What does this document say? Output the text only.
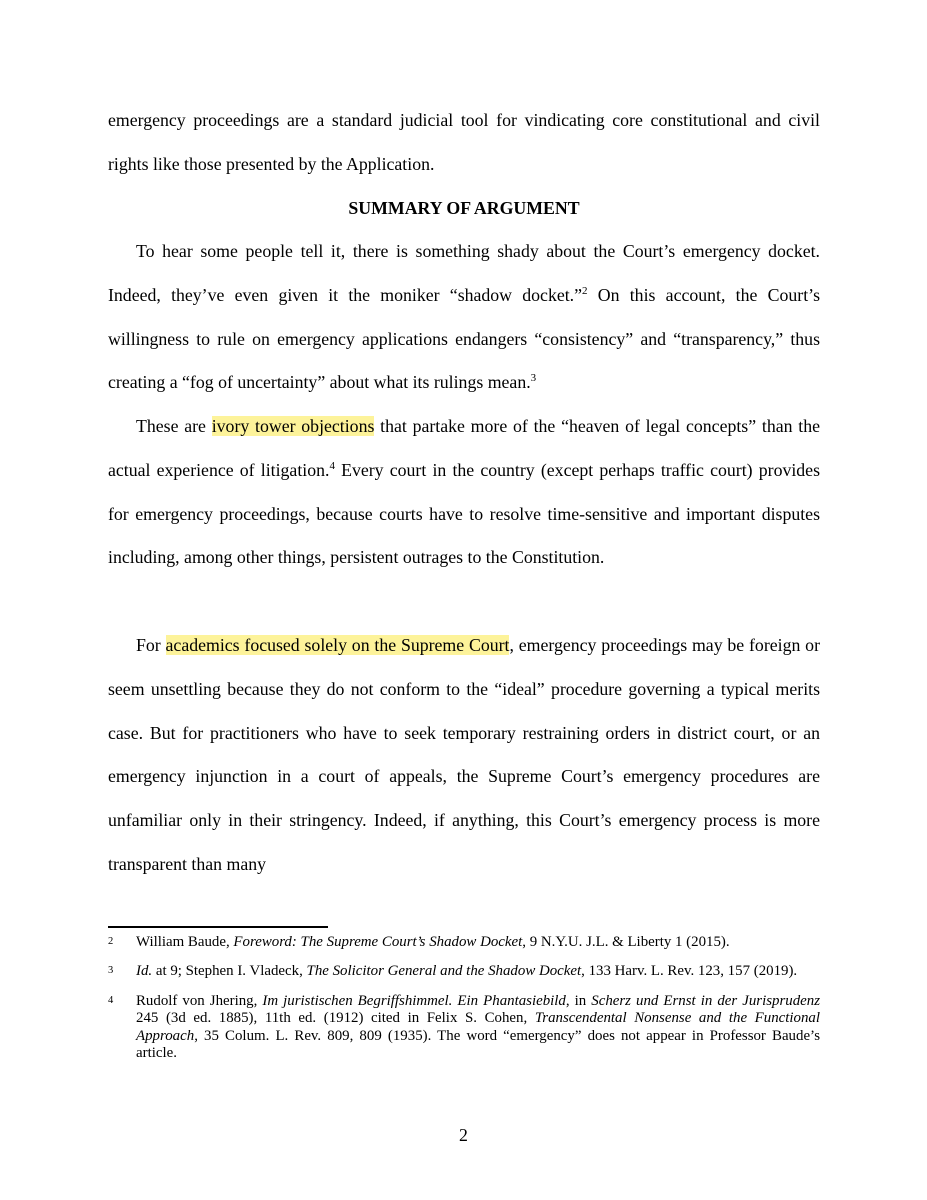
emergency proceedings are a standard judicial tool for vindicating core constitutional and civil rights like those presented by the Application.

SUMMARY OF ARGUMENT

To hear some people tell it, there is something shady about the Court’s emergency docket. Indeed, they’ve even given it the moniker “shadow docket.”$^2$ On this account, the Court’s willingness to rule on emergency applications endangers “consistency” and “transparency,” thus creating a “fog of uncertainty” about what its rulings mean.$^3$

These are ivory tower objections that partake more of the “heaven of legal concepts” than the actual experience of litigation.$^4$ Every court in the country (except perhaps traffic court) provides for emergency proceedings, because courts have to resolve time-sensitive and important disputes including, among other things, persistent outrages to the Constitution.

For academics focused solely on the Supreme Court, emergency proceedings may be foreign or seem unsettling because they do not conform to the “ideal” procedure governing a typical merits case. But for practitioners who have to seek temporary restraining orders in district court, or an emergency injunction in a court of appeals, the Supreme Court’s emergency procedures are unfamiliar only in their stringency. Indeed, if anything, this Court’s emergency process is more transparent than many

2	William Baude, Foreword: The Supreme Court’s Shadow Docket, 9 N.Y.U. J.L. & Liberty 1 (2015).
3	Id. at 9; Stephen I. Vladeck, The Solicitor General and the Shadow Docket, 133 Harv. L. Rev. 123, 157 (2019).
4	Rudolf von Jhering, Im juristischen Begriffshimmel. Ein Phantasiebild, in Scherz und Ernst in der Jurisprudenz 245 (3d ed. 1885), 11th ed. (1912) cited in Felix S. Cohen, Transcendental Nonsense and the Functional Approach, 35 Colum. L. Rev. 809, 809 (1935). The word “emergency” does not appear in Professor Baude’s article.
2
